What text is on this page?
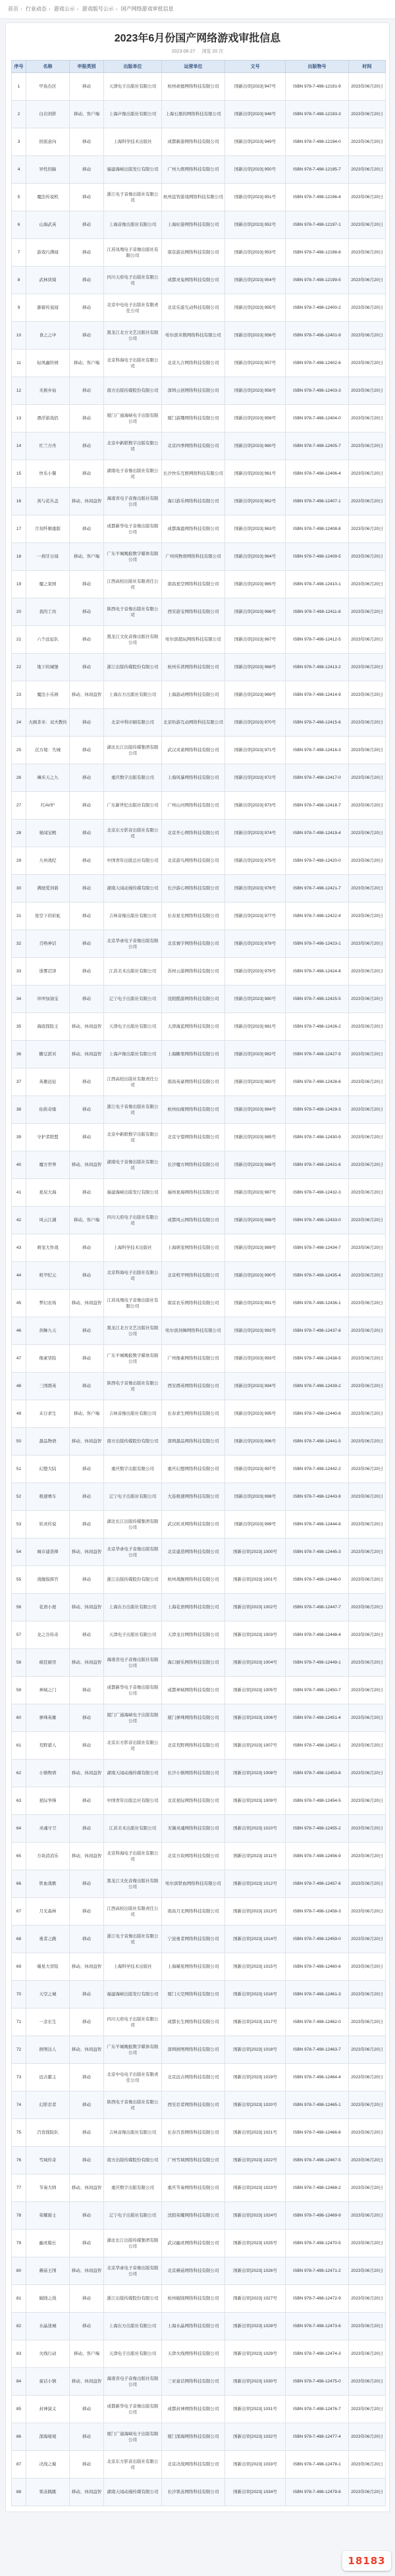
首页 › 行业动态 › 游戏公示 › 游戏版号公示 › 国产网络游戏审批信息
2023年6月份国产网络游戏审批信息
2023-06-27 浏览 20 次
序号	名称	申报类别	出版单位	运营单位	文号	出版物号	时间
1	甲鱼台区	移动	天津电子出版社有限公司	杭州顽德网络科技有限公司	国新出审[2023] 947号	ISBN 978-7-498-12191-9	2023年06月20日
2	白岩剑影	移动、客户端	上海声像出版社有限公司	上海石黑的网络科技有限公司	国新出审[2023] 948号	ISBN 978-7-498-12193-3	2023年06月20日
3	回流意向	移动	上海科学技术出版社	成都新游网络科技有限公司	国新出审[2023] 949号	ISBN 978-7-498-12194-0	2023年06月20日
4	异性的脑	移动	福建海峡出版发行有限公司	广州九娱网络科技有限公司	国新出审[2023] 950号	ISBN 978-7-498-12195-7	2023年06月20日
5	魔法传说机	移动	浙江电子音像出版社有限公司	杭州盘智游戏网络科技有限公司	国新出审[2023] 951号	ISBN 978-7-498-12196-4	2023年06月20日
6	山海武英	移动	上海音像出版社有限公司	上海好游网络科技有限公司	国新出审[2023] 952号	ISBN 978-7-498-12197-1	2023年06月20日
7	游戏巧满闻	移动	江苏凤凰电子音像出版社有限公司	南京游达网络科技有限公司	国新出审[2023] 953号	ISBN 978-7-498-12198-8	2023年06月20日
8	武林侠骑	移动	四川天府电子出版社有限公司	成都灵兔网络科技有限公司	国新出审[2023] 954号	ISBN 978-7-498-12199-5	2023年06月20日
9	御蓄传说闻	移动	北京中电电子出版社有限责任公司	北京乐游互动科技有限公司	国新出审[2023] 955号	ISBN 978-7-498-12400-2	2023年06月20日
10	食之之中	移动	黑龙江北方文艺出版社有限公司	哈尔滨米数网络科技有限公司	国新出审[2023] 956号	ISBN 978-7-498-12401-9	2023年06月20日
11	轻风幽铃园	移动、客户端	北京科海电子出版社有限公司	北京九合网络科技有限公司	国新出审[2023] 957号	ISBN 978-7-498-12402-6	2023年06月20日
12	无极乡仙	移动	南方出版传媒股份有限公司	深圳云创网络科技有限公司	国新出审[2023] 958号	ISBN 978-7-498-12403-3	2023年06月20日
13	漂浮游戏侣	移动	厦门广通海峡电子出版有限公司	厦门游趣网络科技有限公司	国新出审[2023] 959号	ISBN 978-7-498-12404-0	2023年06月20日
14	红兰方舟	移动	北京中新联数字出版有限公司	北京四季网络科技有限公司	国新出审[2023] 960号	ISBN 978-7-498-12405-7	2023年06月20日
15	快乐小餐	移动	湖南电子音像出版社有限公司	长沙快乐互娱网络科技有限公司	国新出审[2023] 961号	ISBN 978-7-498-12406-4	2023年06月20日
16	剑与花丛盖	移动、休闲益智	海南省电子音像出版社有限公司	海口游乐网络科技有限公司	国新出审[2023] 962号	ISBN 978-7-498-12407-1	2023年06月20日
17	月刻歼顺重版	移动	成都新华电子音像出版有限公司	成都海盈网络科技有限公司	国新出审[2023] 963号	ISBN 978-7-498-12408-8	2023年06月20日
18	一刹牙日闻	移动、客户端	广东羊城晚报数字媒体有限公司	广州风物语网络科技有限公司	国新出审[2023] 964号	ISBN 978-7-498-12409-5	2023年06月20日
19	魔之家园	移动	江西高校出版社有限责任公司	南昌星空网络科技有限公司	国新出审[2023] 965号	ISBN 978-7-498-12410-1	2023年06月20日
20	我的工坊	移动	陕西电子音像出版社有限公司	西安游宝网络科技有限公司	国新出审[2023] 966号	ISBN 978-7-498-12411-8	2023年06月20日
21	六个远征队	移动	黑龙江文化音像出版社有限公司	哈尔滨超玩网络科技有限公司	国新出审[2023] 967号	ISBN 978-7-498-12412-5	2023年06月20日
22	地下的城堡	移动	浙江出版传媒股份有限公司	杭州乐读网络科技有限公司	国新出审[2023] 968号	ISBN 978-7-498-12413-2	2023年06月20日
23	魔法小乐园	移动、休闲益智	上海东方出版社有限公司	上海游动网络科技有限公司	国新出审[2023] 969号	ISBN 978-7-498-12414-9	2023年06月20日
24	大碗茶米：双夫教传	移动	北京中科印刷有限公司	北京哈游互动网络科技有限公司	国新出审[2023] 970号	ISBN 978-7-498-12415-6	2023年06月20日
25	沉方境：失城	移动	湖北长江出版传媒集团有限公司	武汉灵雀网络科技有限公司	国新出审[2023] 971号	ISBN 978-7-498-12416-3	2023年06月20日
26	琳米天之九	移动	重庆数字出版有限公司	上海风暴网络科技有限公司	国新出审[2023] 972号	ISBN 978-7-498-12417-0	2023年06月20日
27	红AV炉	移动	广东新世纪出版社有限公司	广州山河网络科技有限公司	国新出审[2023] 973号	ISBN 978-7-498-12418-7	2023年06月20日
28	秘闻宝殿	移动	北京东方影音出版社有限公司	北京开心网络科技有限公司	国新出审[2023] 974号	ISBN 978-7-498-12419-4	2023年06月20日
29	九州战纪	移动	中国青年出版总社有限公司	北京游鸟网络科技有限公司	国新出审[2023] 975号	ISBN 978-7-498-12420-0	2023年06月20日
30	满屋爱剑碧	移动	湖南天闻动漫传媒有限公司	长沙游心网络科技有限公司	国新出审[2023] 976号	ISBN 978-7-498-12421-7	2023年06月20日
31	星空下的彩虹	移动	吉林音像出版社有限公司	长春星光网络科技有限公司	国新出审[2023] 977号	ISBN 978-7-498-12422-4	2023年06月20日
32	召唤神话	移动	北京华录电子音像出版有限公司	北京寰宇网络科技有限公司	国新出审[2023] 978号	ISBN 978-7-498-12423-1	2023年06月20日
33	迷雾沼泽	移动	江苏美术出版社有限公司	苏州云游网络科技有限公司	国新出审[2023] 979号	ISBN 978-7-498-12424-8	2023年06月20日
34	冲冲加油宝	移动	辽宁电子出版社有限公司	沈阳酷游网络科技有限公司	国新出审[2023] 980号	ISBN 978-7-498-12425-5	2023年06月20日
35	海底探险王	移动、休闲益智	天津电子出版社有限公司	天津海蓝网络科技有限公司	国新出审[2023] 981号	ISBN 978-7-498-12426-2	2023年06月20日
36	糖豆派对	移动、休闲益智	上海声像出版社有限公司	上海糖果网络科技有限公司	国新出审[2023] 982号	ISBN 978-7-498-12427-9	2023年06月20日
37	英雄远征	移动	江西高校出版社有限责任公司	南昌英豪网络科技有限公司	国新出审[2023] 983号	ISBN 978-7-498-12428-6	2023年06月20日
38	仙侠奇缘	移动	浙江电子音像出版社有限公司	杭州仙缘网络科技有限公司	国新出审[2023] 984号	ISBN 978-7-498-12429-3	2023年06月20日
39	守护者联盟	移动	北京中新联数字出版有限公司	北京守望网络科技有限公司	国新出审[2023] 985号	ISBN 978-7-498-12430-9	2023年06月20日
40	魔方世界	移动、休闲益智	湖南电子音像出版社有限公司	长沙魔方网络科技有限公司	国新出审[2023] 986号	ISBN 978-7-498-12431-6	2023年06月20日
41	星辰大海	移动	福建海峡出版发行有限公司	福州星海网络科技有限公司	国新出审[2023] 987号	ISBN 978-7-498-12432-3	2023年06月20日
42	风云江湖	移动、客户端	四川天府电子出版社有限公司	成都风云网络科技有限公司	国新出审[2023] 988号	ISBN 978-7-498-12433-0	2023年06月20日
43	萌宠大作战	移动	上海科学技术出版社	上海萌宠网络科技有限公司	国新出审[2023] 989号	ISBN 978-7-498-12434-7	2023年06月20日
44	机甲纪元	移动	北京科海电子出版社有限公司	北京机甲网络科技有限公司	国新出审[2023] 990号	ISBN 978-7-498-12435-4	2023年06月20日
45	梦幻农场	移动、休闲益智	江苏凤凰电子音像出版社有限公司	南京农乐网络科技有限公司	国新出审[2023] 991号	ISBN 978-7-498-12436-1	2023年06月20日
46	剑舞九天	移动	黑龙江北方文艺出版社有限公司	哈尔滨剑舞网络科技有限公司	国新出审[2023] 992号	ISBN 978-7-498-12437-8	2023年06月20日
47	像素冒险	移动	广东羊城晚报数字媒体有限公司	广州像素网络科技有限公司	国新出审[2023] 993号	ISBN 978-7-498-12438-5	2023年06月20日
48	三国群英	移动	陕西电子音像出版社有限公司	西安群英网络科技有限公司	国新出审[2023] 994号	ISBN 978-7-498-12439-2	2023年06月20日
49	末日求生	移动、客户端	吉林音像出版社有限公司	长春求生网络科技有限公司	国新出审[2023] 995号	ISBN 978-7-498-12440-8	2023年06月20日
50	甜品物语	移动、休闲益智	南方出版传媒股份有限公司	深圳甜品网络科技有限公司	国新出审[2023] 996号	ISBN 978-7-498-12441-5	2023年06月20日
51	幻想大陆	移动	重庆数字出版有限公司	重庆幻想网络科技有限公司	国新出审[2023] 997号	ISBN 978-7-498-12442-2	2023年06月20日
52	极速赛车	移动	辽宁电子出版社有限公司	大连极速网络科技有限公司	国新出审[2023] 998号	ISBN 978-7-498-12443-9	2023年06月20日
53	妖灵传说	移动	湖北长江出版传媒集团有限公司	武汉妖灵网络科技有限公司	国新出审[2023] 999号	ISBN 978-7-498-12444-6	2023年06月20日
54	城市建造师	移动、休闲益智	北京华录电子音像出版有限公司	北京建造网络科技有限公司	国新出审[2023] 1000号	ISBN 978-7-498-12445-3	2023年06月20日
55	战舰指挥官	移动	浙江出版传媒股份有限公司	杭州战舰网络科技有限公司	国新出审[2023] 1001号	ISBN 978-7-498-12446-0	2023年06月20日
56	花语小屋	移动、休闲益智	上海东方出版社有限公司	上海花语网络科技有限公司	国新出审[2023] 1002号	ISBN 978-7-498-12447-7	2023年06月20日
57	龙之谷传奇	移动	天津电子出版社有限公司	天津龙谷网络科技有限公司	国新出审[2023] 1003号	ISBN 978-7-498-12448-4	2023年06月20日
58	疯狂厨房	移动、休闲益智	海南省电子音像出版社有限公司	海口厨乐网络科技有限公司	国新出审[2023] 1004号	ISBN 978-7-498-12449-1	2023年06月20日
59	神域之门	移动	成都新华电子音像出版有限公司	成都神域网络科技有限公司	国新出审[2023] 1005号	ISBN 978-7-498-12450-7	2023年06月20日
60	弹珠英雄	移动	厦门广通海峡电子出版有限公司	厦门弹珠网络科技有限公司	国新出审[2023] 1006号	ISBN 978-7-498-12451-4	2023年06月20日
61	荒野猎人	移动	北京东方影音出版社有限公司	北京荒野网络科技有限公司	国新出审[2023] 1007号	ISBN 978-7-498-12452-1	2023年06月20日
62	小镇物语	移动、休闲益智	湖南天闻动漫传媒有限公司	长沙小镇网络科技有限公司	国新出审[2023] 1008号	ISBN 978-7-498-12453-8	2023年06月20日
63	星际争锋	移动	中国青年出版总社有限公司	北京星际网络科技有限公司	国新出审[2023] 1009号	ISBN 978-7-498-12454-5	2023年06月20日
64	灵魂守卫	移动	江苏美术出版社有限公司	无锡灵魂网络科技有限公司	国新出审[2023] 1010号	ISBN 978-7-498-12455-2	2023年06月20日
65	方块消消乐	移动、休闲益智	北京科海电子出版社有限公司	北京方块网络科技有限公司	国新出审[2023] 1011号	ISBN 978-7-498-12456-9	2023年06月20日
66	铁血战歌	移动	黑龙江文化音像出版社有限公司	哈尔滨铁血网络科技有限公司	国新出审[2023] 1012号	ISBN 978-7-498-12457-6	2023年06月20日
67	月光森林	移动	江西高校出版社有限责任公司	南昌月光网络科技有限公司	国新出审[2023] 1013号	ISBN 978-7-498-12458-3	2023年06月20日
68	勇者之路	移动	浙江电子音像出版社有限公司	宁波勇者网络科技有限公司	国新出审[2023] 1014号	ISBN 978-7-498-12459-0	2023年06月20日
69	喵星大冒险	移动、休闲益智	上海科学技术出版社	上海喵星网络科技有限公司	国新出审[2023] 1015号	ISBN 978-7-498-12460-6	2023年06月20日
70	天空之城	移动	福建海峡出版发行有限公司	厦门天空网络科技有限公司	国新出审[2023] 1016号	ISBN 978-7-498-12461-3	2023年06月20日
71	一念长生	移动	四川天府电子出版社有限公司	成都长生网络科技有限公司	国新出审[2023] 1017号	ISBN 978-7-498-12462-0	2023年06月20日
72	拼图达人	移动、休闲益智	广东羊城晚报数字媒体有限公司	深圳拼图网络科技有限公司	国新出审[2023] 1018号	ISBN 978-7-498-12463-7	2023年06月20日
73	远古霸主	移动	北京中电电子出版社有限责任公司	北京远古网络科技有限公司	国新出审[2023] 1019号	ISBN 978-7-498-12464-4	2023年06月20日
74	幻影忍者	移动	陕西电子音像出版社有限公司	西安忍者网络科技有限公司	国新出审[2023] 1020号	ISBN 978-7-498-12465-1	2023年06月20日
75	百兽探险队	移动	吉林音像出版社有限公司	长春百兽网络科技有限公司	国新出审[2023] 1021号	ISBN 978-7-498-12466-8	2023年06月20日
76	雪域传奇	移动	南方出版传媒股份有限公司	广州雪域网络科技有限公司	国新出审[2023] 1022号	ISBN 978-7-498-12467-5	2023年06月20日
77	节奏大师	移动、休闲益智	重庆数字出版有限公司	重庆节奏网络科技有限公司	国新出审[2023] 1023号	ISBN 978-7-498-12468-2	2023年06月20日
78	荣耀骑士	移动	辽宁电子出版社有限公司	沈阳荣耀网络科技有限公司	国新出审[2023] 1024号	ISBN 978-7-498-12469-9	2023年06月20日
79	幽灵船长	移动	湖北长江出版传媒集团有限公司	武汉幽灵网络科技有限公司	国新出审[2023] 1025号	ISBN 978-7-498-12470-5	2023年06月20日
80	蘑菇王国	移动、休闲益智	北京华录电子音像出版有限公司	北京蘑菇网络科技有限公司	国新出审[2023] 1026号	ISBN 978-7-498-12471-2	2023年06月20日
81	破晓之战	移动	浙江出版传媒股份有限公司	杭州破晓网络科技有限公司	国新出审[2023] 1027号	ISBN 978-7-498-12472-9	2023年06月20日
82	水晶迷城	移动	上海东方出版社有限公司	上海水晶网络科技有限公司	国新出审[2023] 1028号	ISBN 978-7-498-12473-6	2023年06月20日
83	火线行动	移动、客户端	天津电子出版社有限公司	天津火线网络科技有限公司	国新出审[2023] 1029号	ISBN 978-7-498-12474-3	2023年06月20日
84	童话小镇	移动、休闲益智	海南省电子音像出版社有限公司	三亚童话网络科技有限公司	国新出审[2023] 1030号	ISBN 978-7-498-12475-0	2023年06月20日
85	封神演义	移动	成都新华电子音像出版有限公司	成都封神网络科技有限公司	国新出审[2023] 1031号	ISBN 978-7-498-12476-7	2023年06月20日
86	深海秘境	移动	厦门广通海峡电子出版有限公司	厦门深海网络科技有限公司	国新出审[2023] 1032号	ISBN 978-7-498-12477-4	2023年06月20日
87	决战之巅	移动	北京东方影音出版社有限公司	北京决战网络科技有限公司	国新出审[2023] 1033号	ISBN 978-7-498-12478-1	2023年06月20日
88	果冻跳跳	移动、休闲益智	湖南天闻动漫传媒有限公司	长沙果冻网络科技有限公司	国新出审[2023] 1034号	ISBN 978-7-498-12479-8	2023年06月20日
18183
